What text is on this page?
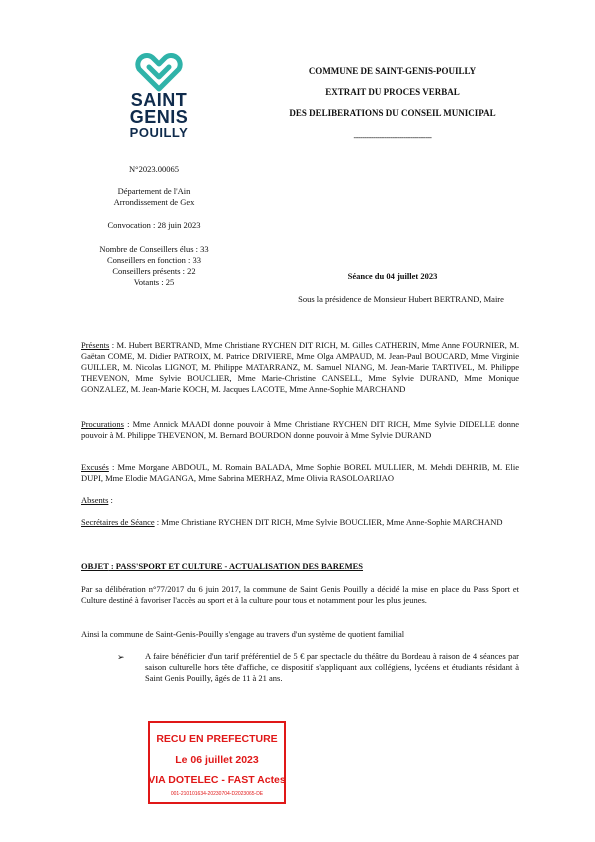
SAINT
GENIS
POUILLY
COMMUNE DE SAINT-GENIS-POUILLY
EXTRAIT DU PROCES VERBAL
DES DELIBERATIONS DU CONSEIL MUNICIPAL
------------------------------------
N°2023.00065
Département de l'Ain
Arrondissement de Gex
Convocation : 28 juin 2023
Nombre de Conseillers élus : 33
Conseillers en fonction : 33
Conseillers présents : 22
Votants : 25
Séance du 04 juillet 2023
Sous la présidence de Monsieur Hubert BERTRAND, Maire
Présents : M. Hubert BERTRAND, Mme Christiane RYCHEN DIT RICH, M. Gilles CATHERIN, Mme Anne FOURNIER, M. Gaëtan COME, M. Didier PATROIX, M. Patrice DRIVIERE, Mme Olga AMPAUD, M. Jean-Paul BOUCARD, Mme Virginie GUILLER, M. Nicolas LIGNOT, M. Philippe MATARRANZ, M. Samuel NIANG, M. Jean-Marie TARTIVEL, M. Philippe THEVENON, Mme Sylvie BOUCLIER, Mme Marie-Christine CANSELL, Mme Sylvie DURAND, Mme Monique GONZALEZ, M. Jean-Marie KOCH, M. Jacques LACOTE, Mme Anne-Sophie MARCHAND
Procurations : Mme Annick MAADI donne pouvoir à Mme Christiane RYCHEN DIT RICH, Mme Sylvie DIDELLE donne pouvoir à M. Philippe THEVENON, M. Bernard BOURDON donne pouvoir à Mme Sylvie DURAND
Excusés : Mme Morgane ABDOUL, M. Romain BALADA, Mme Sophie BOREL MULLIER, M. Mehdi DEHRIB, M. Elie DUPI, Mme Elodie MAGANGA, Mme Sabrina MERHAZ, Mme Olivia RASOLOARIJAO
Absents :
Secrétaires de Séance : Mme Christiane RYCHEN DIT RICH, Mme Sylvie BOUCLIER, Mme Anne-Sophie MARCHAND
OBJET : PASS'SPORT ET CULTURE - ACTUALISATION DES BAREMES
Par sa délibération n°77/2017 du 6 juin 2017, la commune de Saint Genis Pouilly a décidé la mise en place du Pass Sport et Culture destiné à favoriser l'accès au sport et à la culture pour tous et notamment pour les plus jeunes.
Ainsi la commune de Saint-Genis-Pouilly s'engage au travers d'un système de quotient familial
➢ A faire bénéficier d'un tarif préférentiel de 5 € par spectacle du théâtre du Bordeau à raison de 4 séances par saison culturelle hors tête d'affiche, ce dispositif s'appliquant aux collégiens, lycéens et étudiants résidant à Saint Genis Pouilly, âgés de 11 à 21 ans.
RECU EN PREFECTURE
Le 06 juillet 2023
VIA DOTELEC - FAST Actes
001-210101634-20230704-D2023065-DE
